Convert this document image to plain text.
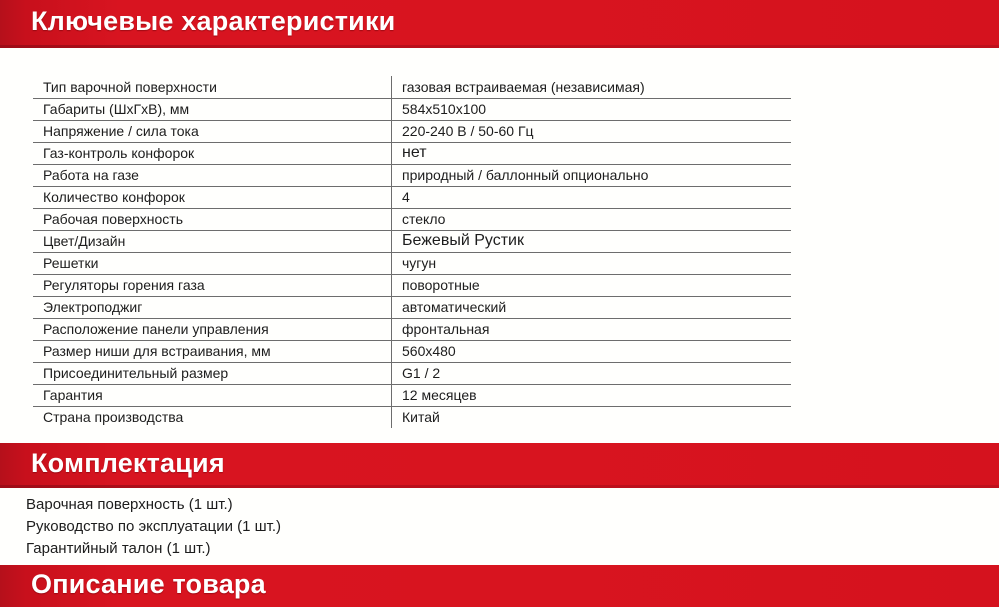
Ключевые характеристики
Тип варочной поверхности	газовая встраиваемая (независимая)
Габариты (ШхГхВ), мм	584x510x100
Напряжение / сила тока	220-240 В / 50-60 Гц
Газ-контроль конфорок	нет
Работа на газе	природный / баллонный опционально
Количество конфорок	4
Рабочая поверхность	стекло
Цвет/Дизайн	Бежевый Рустик
Решетки	чугун
Регуляторы горения газа	поворотные
Электроподжиг	автоматический
Расположение панели управления	фронтальная
Размер ниши для встраивания, мм	560x480
Присоединительный размер	G1 / 2
Гарантия	12 месяцев
Страна производства	Китай
Комплектация
Варочная поверхность (1 шт.)
Руководство по эксплуатации (1 шт.)
Гарантийный талон (1 шт.)
Описание товара
